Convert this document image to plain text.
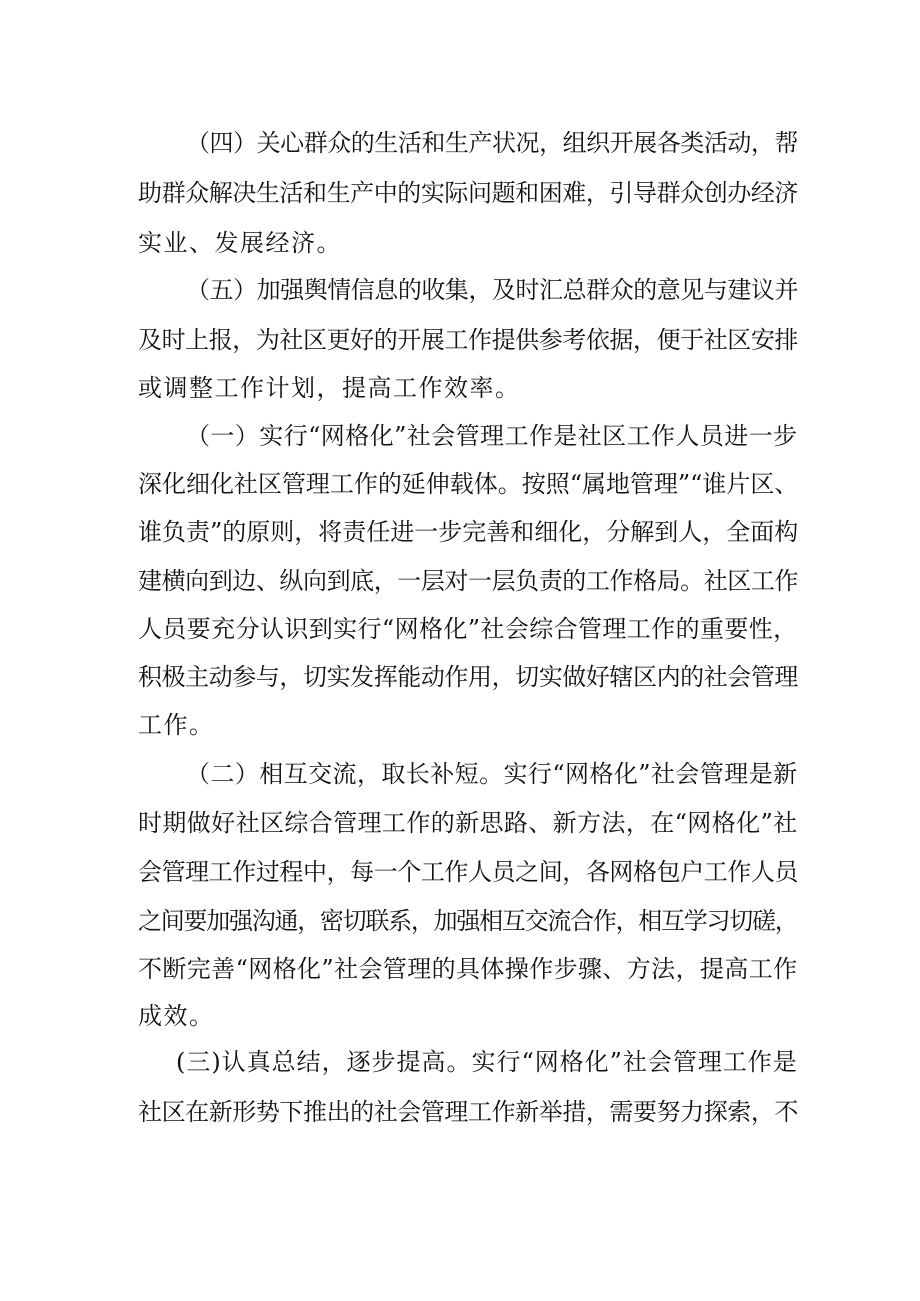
（四）关心群众的生活和生产状况，组织开展各类活动，帮
助群众解决生活和生产中的实际问题和困难，引导群众创办经济
实业、发展经济。
（五）加强舆情信息的收集，及时汇总群众的意见与建议并
及时上报，为社区更好的开展工作提供参考依据，便于社区安排
或调整工作计划，提高工作效率。
（一）实行“网格化”社会管理工作是社区工作人员进一步
深化细化社区管理工作的延伸载体。按照“属地管理”“谁片区、
谁负责”的原则，将责任进一步完善和细化，分解到人，全面构
建横向到边、纵向到底，一层对一层负责的工作格局。社区工作
人员要充分认识到实行“网格化”社会综合管理工作的重要性，
积极主动参与，切实发挥能动作用，切实做好辖区内的社会管理
工作。
（二）相互交流，取长补短。实行“网格化”社会管理是新
时期做好社区综合管理工作的新思路、新方法，在“网格化”社
会管理工作过程中，每一个工作人员之间，各网格包户工作人员
之间要加强沟通，密切联系，加强相互交流合作，相互学习切磋，
不断完善“网格化”社会管理的具体操作步骤、方法，提高工作
成效。
(三)认真总结，逐步提高。实行“网格化”社会管理工作是
社区在新形势下推出的社会管理工作新举措，需要努力探索，不
